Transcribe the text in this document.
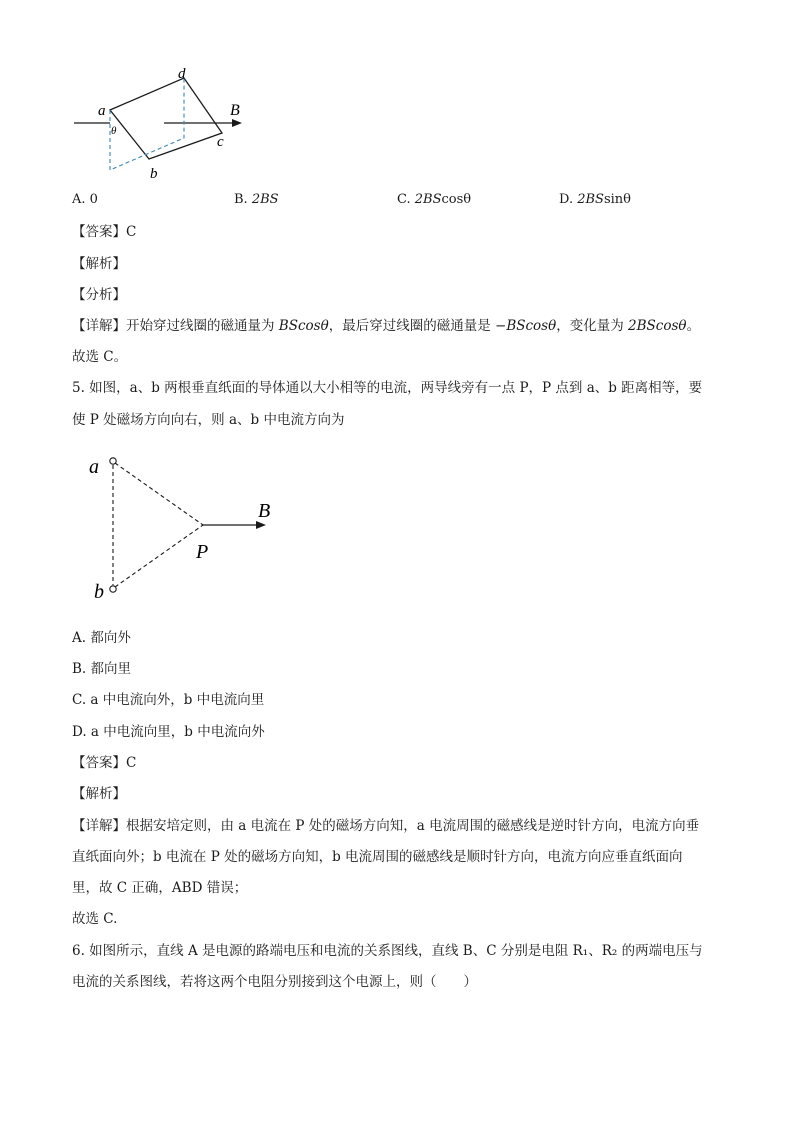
a
d
c
b
B
θ
A. 0	B. 2BS	C. 2BScosθ	D. 2BSsinθ
【答案】C
【解析】
【分析】
【详解】开始穿过线圈的磁通量为 BScosθ，最后穿过线圈的磁通量是 −BScosθ，变化量为 2BScosθ。
故选 C。
5. 如图，a、b 两根垂直纸面的导体通以大小相等的电流，两导线旁有一点 P，P 点到 a、b 距离相等，要
使 P 处磁场方向向右，则 a、b 中电流方向为
a
b
P
B
A. 都向外
B. 都向里
C. a 中电流向外，b 中电流向里
D. a 中电流向里，b 中电流向外
【答案】C
【解析】
【详解】根据安培定则，由 a 电流在 P 处的磁场方向知，a 电流周围的磁感线是逆时针方向，电流方向垂
直纸面向外；b 电流在 P 处的磁场方向知，b 电流周围的磁感线是顺时针方向，电流方向应垂直纸面向
里，故 C 正确，ABD 错误；
故选 C.
6. 如图所示，直线 A 是电源的路端电压和电流的关系图线，直线 B、C 分别是电阻 R₁、R₂ 的两端电压与
电流的关系图线，若将这两个电阻分别接到这个电源上，则（　　）
